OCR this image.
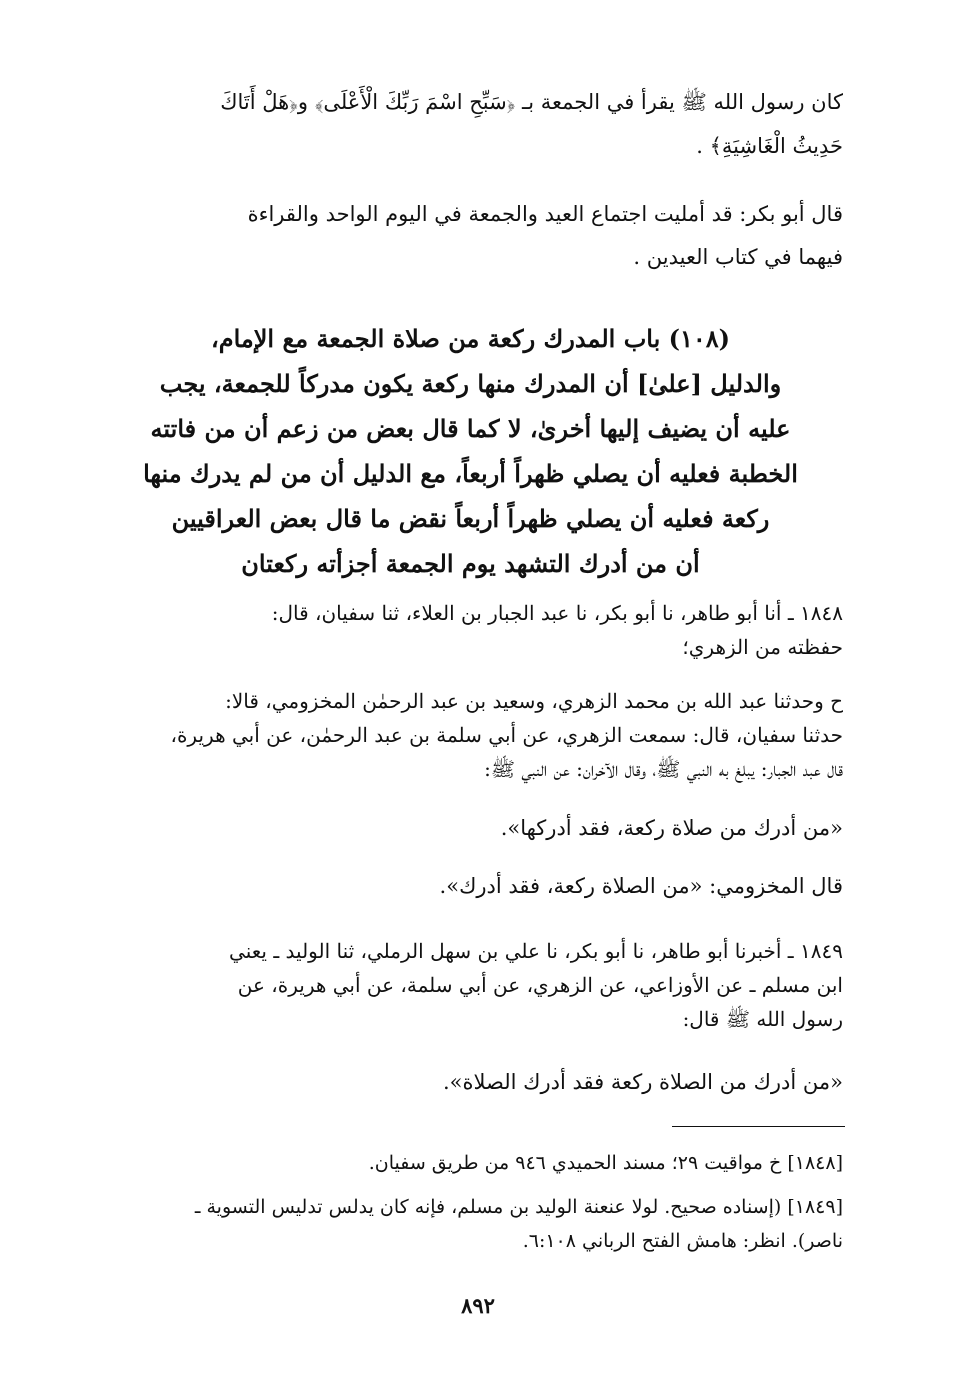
كان رسول الله ﷺ يقرأ في الجمعة بـ ﴿سَبِّحِ اسْمَ رَبِّكَ الْأَعْلَى﴾ و﴿هَلْ أَتَاكَ
حَدِيثُ الْغَاشِيَةِ﴾ .
قال أبو بكر: قد أمليت اجتماع العيد والجمعة في اليوم الواحد والقراءة
فيهما في كتاب العيدين .
(١٠٨) باب المدرك ركعة من صلاة الجمعة مع الإمام،
والدليل [علىٰ] أن المدرك منها ركعة يكون مدركاً للجمعة، يجب
عليه أن يضيف إليها أخرىٰ، لا كما قال بعض من زعم أن من فاتته
الخطبة فعليه أن يصلي ظهراً أربعاً، مع الدليل أن من لم يدرك منها
ركعة فعليه أن يصلي ظهراً أربعاً نقض ما قال بعض العراقيين
أن من أدرك التشهد يوم الجمعة أجزأته ركعتان
١٨٤٨ ـ أنا أبو طاهر، نا أبو بكر، نا عبد الجبار بن العلاء، ثنا سفيان، قال:
حفظته من الزهري؛
ح وحدثنا عبد الله بن محمد الزهري، وسعيد بن عبد الرحمٰن المخزومي، قالا:
حدثنا سفيان، قال: سمعت الزهري، عن أبي سلمة بن عبد الرحمٰن، عن أبي هريرة،
قال عبد الجبار: يبلغ به النبي ﷺ، وقال الآخران: عن النبي ﷺ:
«من أدرك من صلاة ركعة، فقد أدركها».
قال المخزومي: «من الصلاة ركعة، فقد أدرك».
١٨٤٩ ـ أخبرنا أبو طاهر، نا أبو بكر، نا علي بن سهل الرملي، ثنا الوليد ـ يعني
ابن مسلم ـ عن الأوزاعي، عن الزهري، عن أبي سلمة، عن أبي هريرة، عن
رسول الله ﷺ قال:
«من أدرك من الصلاة ركعة فقد أدرك الصلاة».
[١٨٤٨] خ مواقيت ٢٩؛ مسند الحميدي ٩٤٦ من طريق سفيان.
[١٨٤٩] (إسناده صحيح. لولا عنعنة الوليد بن مسلم، فإنه كان يدلس تدليس التسوية ـ
ناصر). انظر: هامش الفتح الرباني ٦:١٠٨.
٨٩٢
